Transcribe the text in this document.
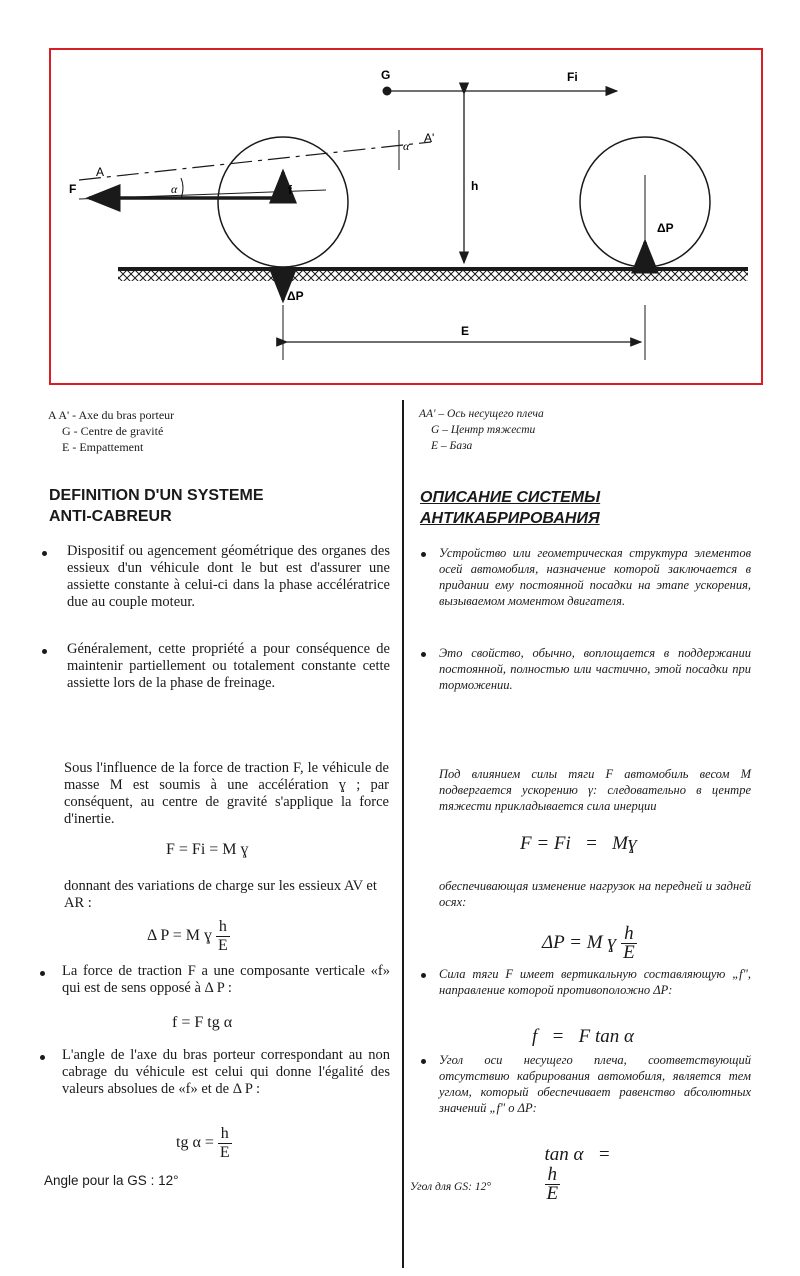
G	Fi
A
A'
F	α
α
f	h
ΔP
ΔP
E
A A' - Axe du bras porteur
G - Centre de gravité
E - Empattement
AA' – Ось несущего плеча
G – Центр тяжести
E – База
DEFINITION D'UN SYSTEME
ANTI-CABREUR
Dispositif ou agencement géométrique des organes des essieux d'un véhicule dont le but est d'assurer une assiette constante à celui-ci dans la phase accélératrice due au couple moteur.
Généralement, cette propriété a pour conséquence de maintenir partiellement ou totalement constante cette assiette lors de la phase de freinage.
Sous l'influence de la force de traction F, le véhicule de masse M est soumis à une accélération ɣ ; par conséquent, au centre de gravité s'applique la force d'inertie.
F = Fi = M ɣ
donnant des variations de charge sur les essieux AV et AR :
Δ P = M ɣ $\frac{h}{E}$
La force de traction F a une composante verticale «f» qui est de sens opposé à Δ P :
f = F tg α
L'angle de l'axe du bras porteur correspondant au non cabrage du véhicule est celui qui donne l'égalité des valeurs absolues de «f» et de Δ P :
tg $\alpha = \frac{h}{E}$
Angle pour la GS : 12°
ОПИСАНИЕ СИСТЕМЫ
АНТИКАБРИРОВАНИЯ
Устройство или геометрическая структура элементов осей автомобиля, назначение которой заключается в придании ему постоянной посадки на этапе ускорения, вызываемом моментом двигателя.
Это свойство, обычно, воплощается в поддержании постоянной, полностью или частично, этой посадки при торможении.
Под влиянием силы тяги F автомобиль весом M подвергается ускорению γ: следовательно в центре тяжести прикладывается сила инерции
F = Fi   =   Mɣ
обеспечивающая изменение нагрузок на передней и задней осях:
ΔP = M ɣ $\frac{h}{E}$
Сила тяги F имеет вертикальную составляющую „f", направление которой противоположно ΔP:
f   =   F tan α
Угол оси несущего плеча, соответствующий отсутствию кабрирования автомобиля, является тем углом, который обеспечивает равенство абсолютных значений „f" о ΔP:

tan α   =

$\frac{h}{E}$

Угол для GS: 12°
